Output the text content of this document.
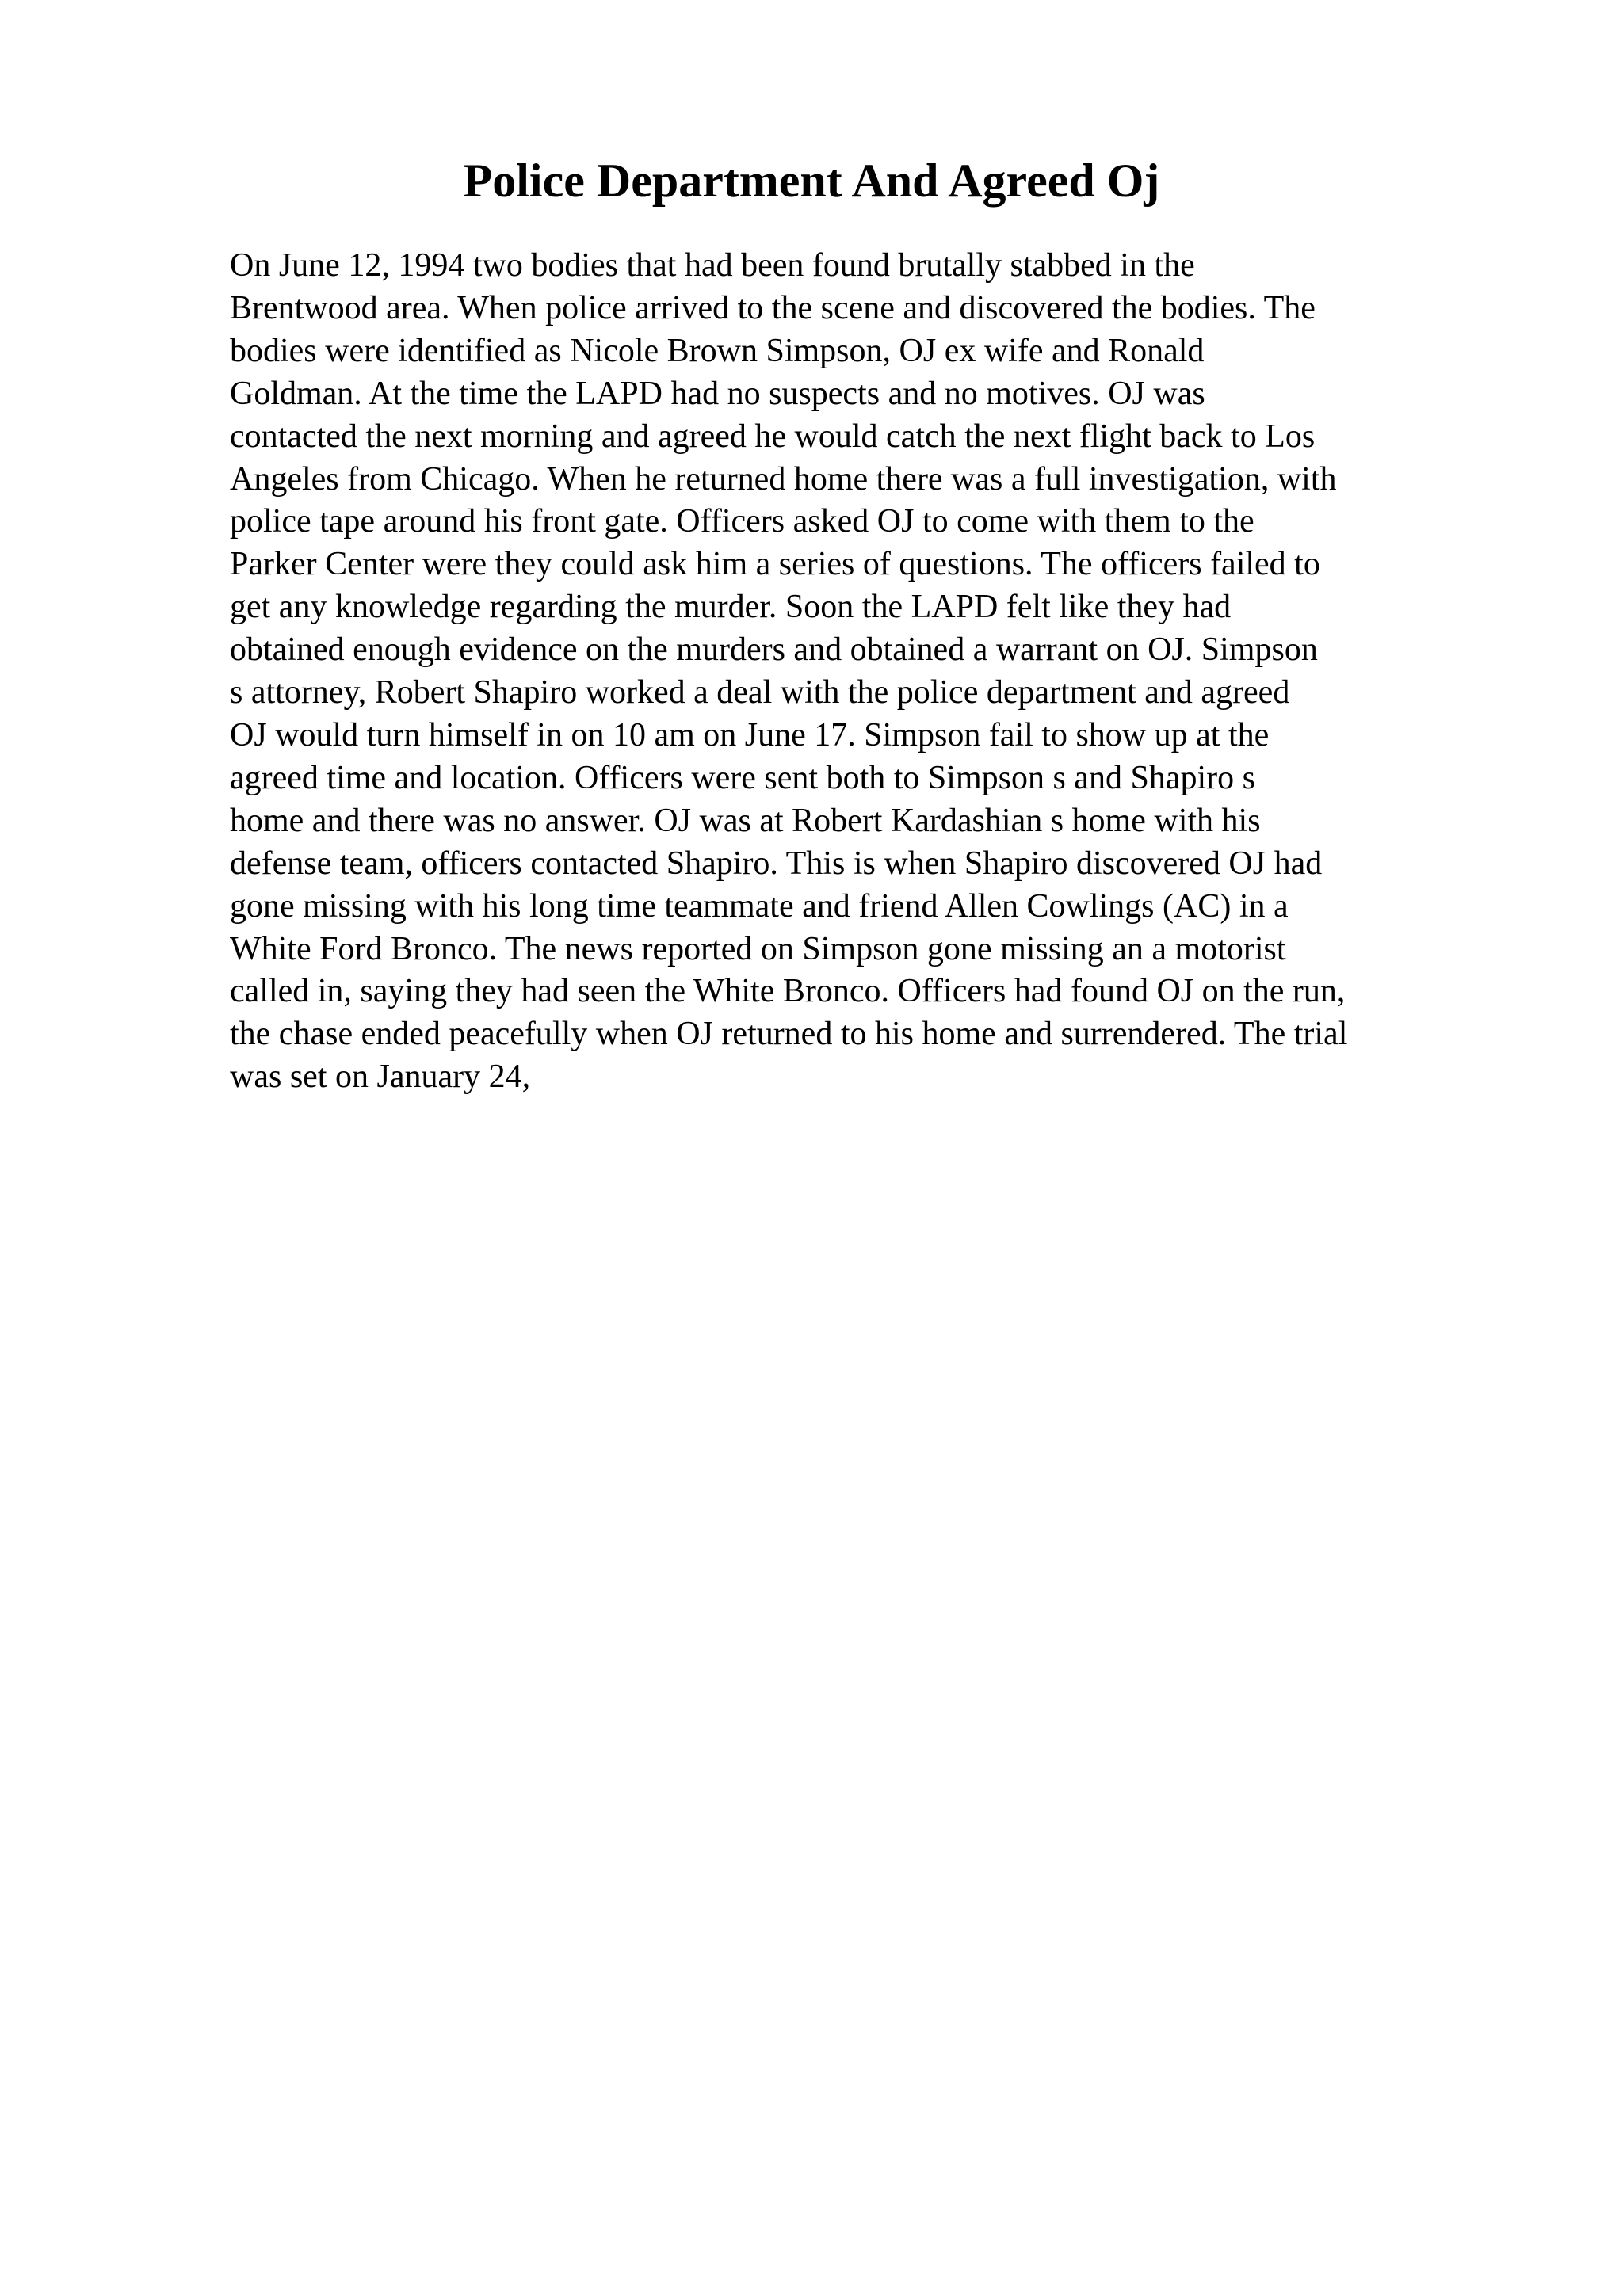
Police Department And Agreed Oj
On June 12, 1994 two bodies that had been found brutally stabbed in the
Brentwood area. When police arrived to the scene and discovered the bodies. The
bodies were identified as Nicole Brown Simpson, OJ ex wife and Ronald
Goldman. At the time the LAPD had no suspects and no motives. OJ was
contacted the next morning and agreed he would catch the next flight back to Los
Angeles from Chicago. When he returned home there was a full investigation, with
police tape around his front gate. Officers asked OJ to come with them to the
Parker Center were they could ask him a series of questions. The officers failed to
get any knowledge regarding the murder. Soon the LAPD felt like they had
obtained enough evidence on the murders and obtained a warrant on OJ. Simpson
s attorney, Robert Shapiro worked a deal with the police department and agreed
OJ would turn himself in on 10 am on June 17. Simpson fail to show up at the
agreed time and location. Officers were sent both to Simpson s and Shapiro s
home and there was no answer. OJ was at Robert Kardashian s home with his
defense team, officers contacted Shapiro. This is when Shapiro discovered OJ had
gone missing with his long time teammate and friend Allen Cowlings (AC) in a
White Ford Bronco. The news reported on Simpson gone missing an a motorist
called in, saying they had seen the White Bronco. Officers had found OJ on the run,
the chase ended peacefully when OJ returned to his home and surrendered. The trial
was set on January 24,
